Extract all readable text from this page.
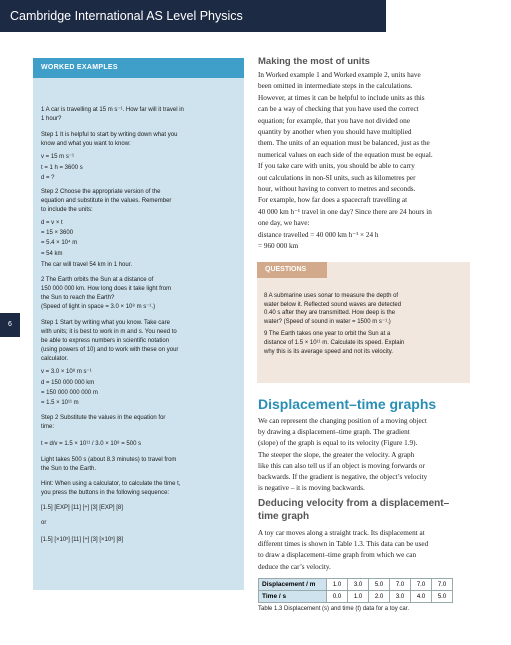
Cambridge International AS Level Physics
6
WORKED EXAMPLES
1 A car is travelling at 15 m s⁻¹. How far will it travel in
1 hour?
Step 1 It is helpful to start by writing down what you
know and what you want to know:
v = 15 m s⁻¹
t = 1 h = 3600 s
d = ?
Step 2 Choose the appropriate version of the
equation and substitute in the values. Remember
to include the units:
d = v × t
= 15 × 3600
= 5.4 × 10⁴ m
= 54 km
The car will travel 54 km in 1 hour.
2 The Earth orbits the Sun at a distance of
150 000 000 km. How long does it take light from
the Sun to reach the Earth?
(Speed of light in space = 3.0 × 10⁸ m s⁻¹.)
Step 1 Start by writing what you know. Take care
with units; it is best to work in m and s. You need to
be able to express numbers in scientific notation
(using powers of 10) and to work with these on your
calculator.
v = 3.0 × 10⁸ m s⁻¹
d = 150 000 000 km
= 150 000 000 000 m
= 1.5 × 10¹¹ m
Step 2 Substitute the values in the equation for
time:
t = d/v = 1.5 × 10¹¹ / 3.0 × 10⁸ = 500 s
Light takes 500 s (about 8.3 minutes) to travel from
the Sun to the Earth.
Hint: When using a calculator, to calculate the time t,
you press the buttons in the following sequence:
[1.5] [EXP] [11] [÷] [3] [EXP] [8]
or
[1.5] [×10ˣ] [11] [÷] [3] [×10ˣ] [8]
Making the most of units
QUESTIONS
8 A submarine uses sonar to measure the depth of
water below it. Reflected sound waves are detected
0.40 s after they are transmitted. How deep is the
water? (Speed of sound in water = 1500 m s⁻¹.)
9 The Earth takes one year to orbit the Sun at a
distance of 1.5 × 10¹¹ m. Calculate its speed. Explain
why this is its average speed and not its velocity.
Displacement–time graphs
Deducing velocity from a displacement–
time graph
Displacement / m	1.0	3.0	5.0	7.0	7.0	7.0
Time / s	0.0	1.0	2.0	3.0	4.0	5.0
Table 1.3 Displacement (s) and time (t) data for a toy car.
In Worked example 1 and Worked example 2, units have
been omitted in intermediate steps in the calculations.
However, at times it can be helpful to include units as this
can be a way of checking that you have used the correct
equation; for example, that you have not divided one
quantity by another when you should have multiplied
them. The units of an equation must be balanced, just as the
numerical values on each side of the equation must be equal.
If you take care with units, you should be able to carry
out calculations in non-SI units, such as kilometres per
hour, without having to convert to metres and seconds.
For example, how far does a spacecraft travelling at
40 000 km h⁻¹ travel in one day? Since there are 24 hours in
one day, we have:
distance travelled = 40 000 km h⁻¹ × 24 h
= 960 000 km
We can represent the changing position of a moving object
by drawing a displacement–time graph. The gradient
(slope) of the graph is equal to its velocity (Figure 1.9).
The steeper the slope, the greater the velocity. A graph
like this can also tell us if an object is moving forwards or
backwards. If the gradient is negative, the object’s velocity
is negative – it is moving backwards.
A toy car moves along a straight track. Its displacement at
different times is shown in Table 1.3. This data can be used
to draw a displacement–time graph from which we can
deduce the car’s velocity.
